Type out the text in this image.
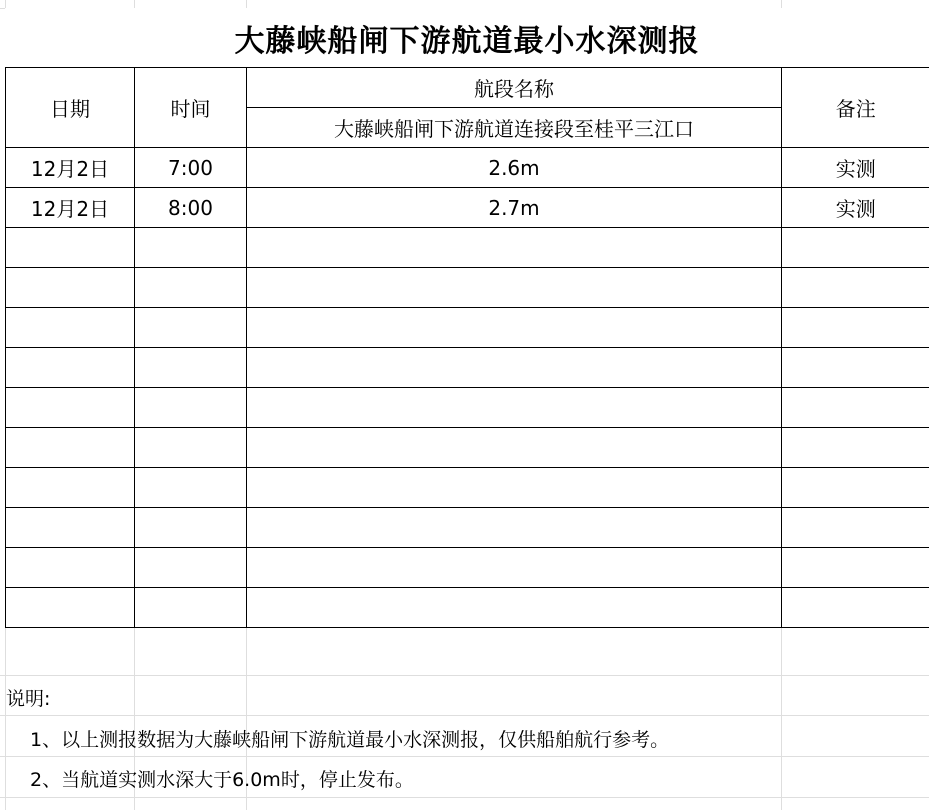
大藤峡船闸下游航道最小水深测报
日期	时间	航段名称	备注
		大藤峡船闸下游航道连接段至桂平三江口	
12月2日	7:00	2.6m	实测
12月2日	8:00	2.7m	实测

说明:
1、以上测报数据为大藤峡船闸下游航道最小水深测报，仅供船舶航行参考。
2、当航道实测水深大于6.0m时，停止发布。
